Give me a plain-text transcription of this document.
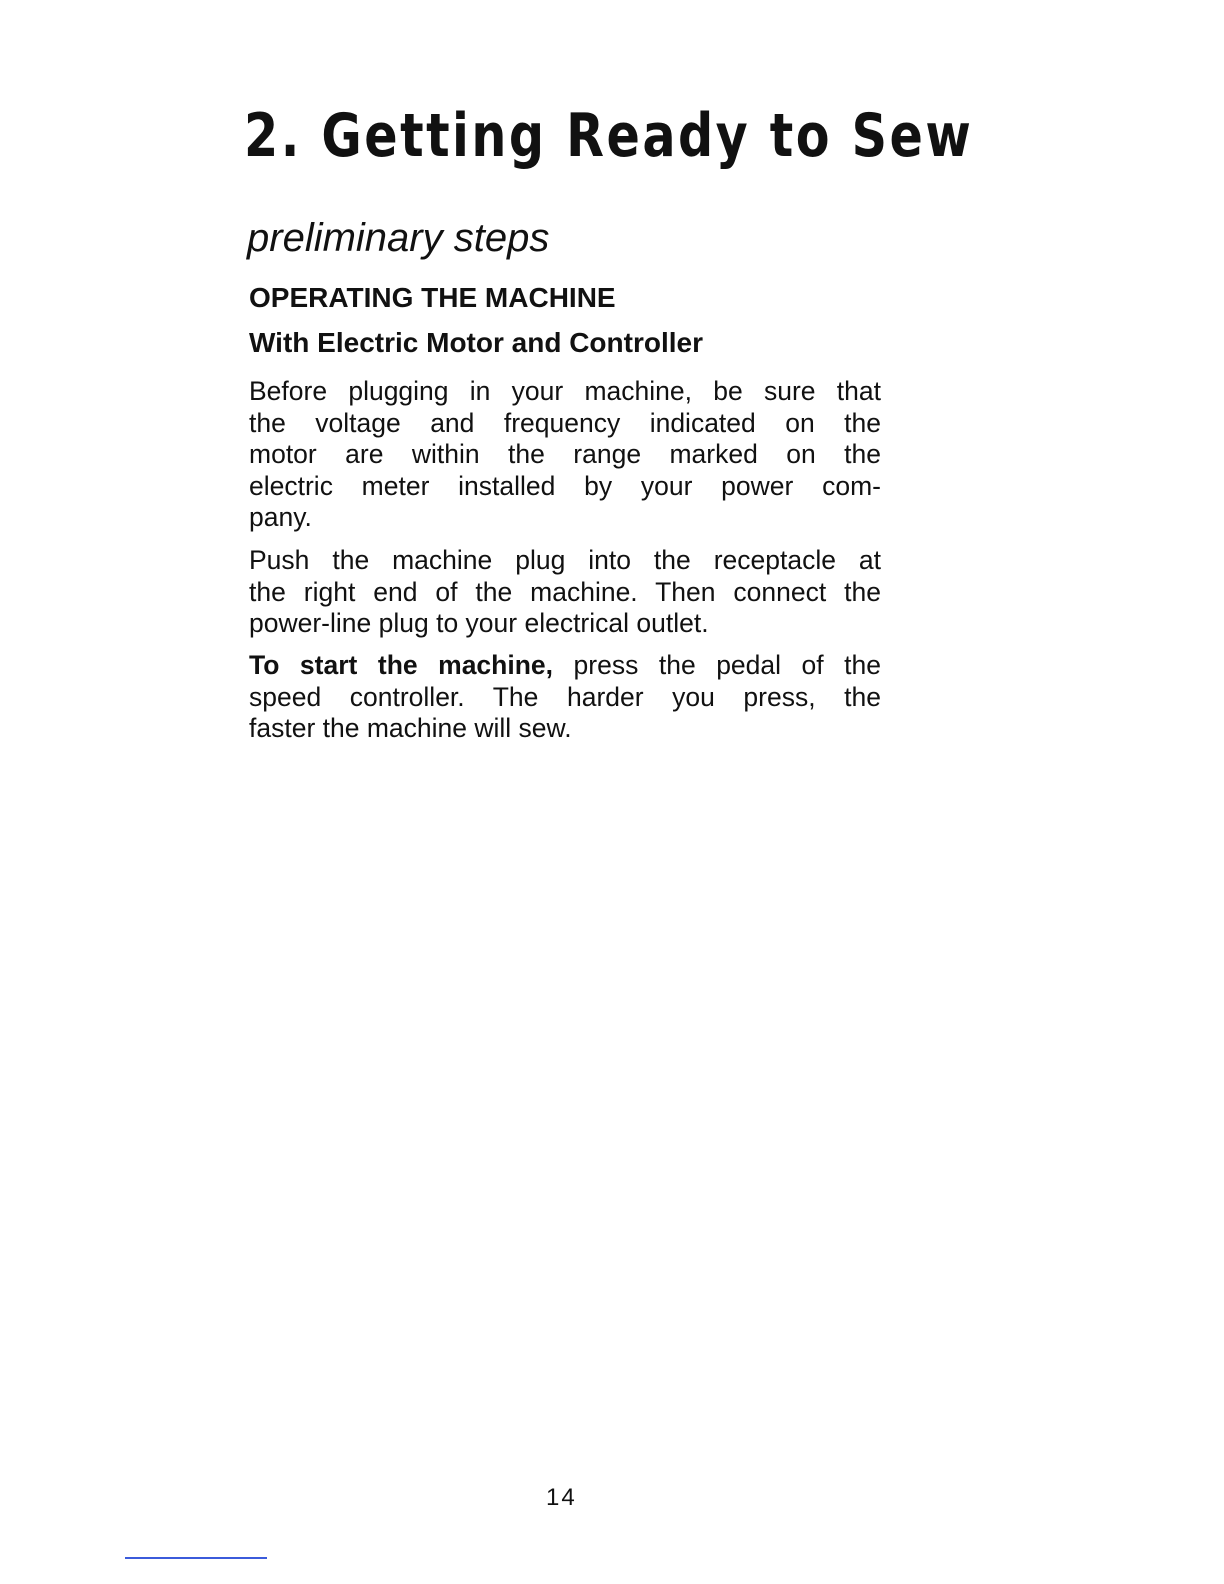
2. Getting Ready to Sew
preliminary steps
OPERATING THE MACHINE
With Electric Motor and Controller
Before plugging in your machine, be sure that
the voltage and frequency indicated on the
motor are within the range marked on the
electric meter installed by your power com-
pany.
Push the machine plug into the receptacle at
the right end of the machine. Then connect the
power-line plug to your electrical outlet.
To start the machine, press the pedal of the
speed controller. The harder you press, the
faster the machine will sew.
14
